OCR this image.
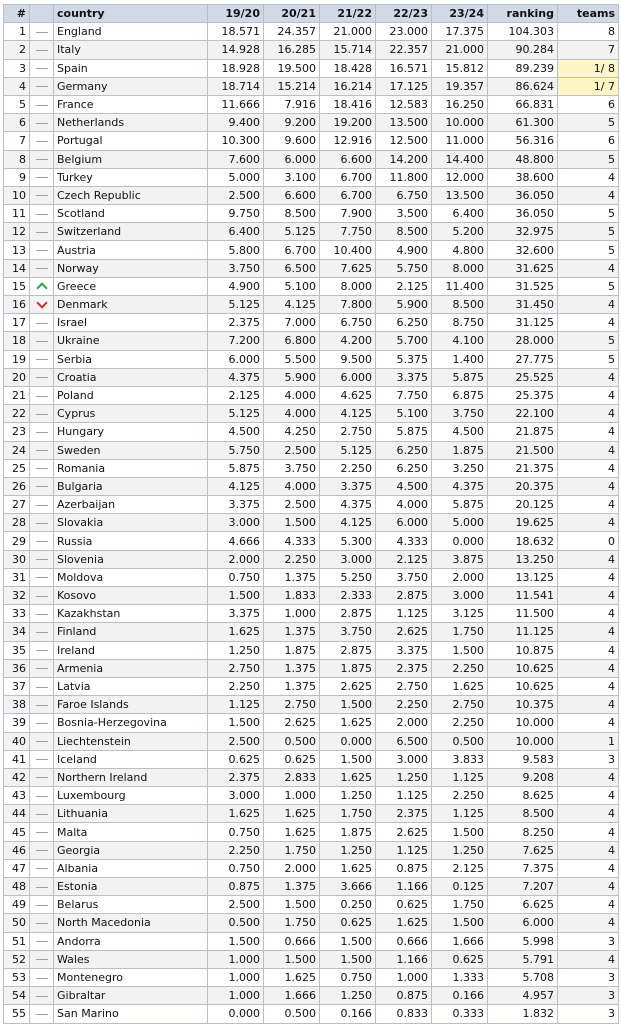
#		country	19/20	20/21	21/22	22/23	23/24	ranking	teams
1		England	18.571	24.357	21.000	23.000	17.375	104.303	8
2		Italy	14.928	16.285	15.714	22.357	21.000	90.284	7
3		Spain	18.928	19.500	18.428	16.571	15.812	89.239	1/ 8
4		Germany	18.714	15.214	16.214	17.125	19.357	86.624	1/ 7
5		France	11.666	7.916	18.416	12.583	16.250	66.831	6
6		Netherlands	9.400	9.200	19.200	13.500	10.000	61.300	5
7		Portugal	10.300	9.600	12.916	12.500	11.000	56.316	6
8		Belgium	7.600	6.000	6.600	14.200	14.400	48.800	5
9		Turkey	5.000	3.100	6.700	11.800	12.000	38.600	4
10		Czech Republic	2.500	6.600	6.700	6.750	13.500	36.050	4
11		Scotland	9.750	8.500	7.900	3.500	6.400	36.050	5
12		Switzerland	6.400	5.125	7.750	8.500	5.200	32.975	5
13		Austria	5.800	6.700	10.400	4.900	4.800	32.600	5
14		Norway	3.750	6.500	7.625	5.750	8.000	31.625	4
15		Greece	4.900	5.100	8.000	2.125	11.400	31.525	5
16		Denmark	5.125	4.125	7.800	5.900	8.500	31.450	4
17		Israel	2.375	7.000	6.750	6.250	8.750	31.125	4
18		Ukraine	7.200	6.800	4.200	5.700	4.100	28.000	5
19		Serbia	6.000	5.500	9.500	5.375	1.400	27.775	5
20		Croatia	4.375	5.900	6.000	3.375	5.875	25.525	4
21		Poland	2.125	4.000	4.625	7.750	6.875	25.375	4
22		Cyprus	5.125	4.000	4.125	5.100	3.750	22.100	4
23		Hungary	4.500	4.250	2.750	5.875	4.500	21.875	4
24		Sweden	5.750	2.500	5.125	6.250	1.875	21.500	4
25		Romania	5.875	3.750	2.250	6.250	3.250	21.375	4
26		Bulgaria	4.125	4.000	3.375	4.500	4.375	20.375	4
27		Azerbaijan	3.375	2.500	4.375	4.000	5.875	20.125	4
28		Slovakia	3.000	1.500	4.125	6.000	5.000	19.625	4
29		Russia	4.666	4.333	5.300	4.333	0.000	18.632	0
30		Slovenia	2.000	2.250	3.000	2.125	3.875	13.250	4
31		Moldova	0.750	1.375	5.250	3.750	2.000	13.125	4
32		Kosovo	1.500	1.833	2.333	2.875	3.000	11.541	4
33		Kazakhstan	3.375	1.000	2.875	1.125	3.125	11.500	4
34		Finland	1.625	1.375	3.750	2.625	1.750	11.125	4
35		Ireland	1.250	1.875	2.875	3.375	1.500	10.875	4
36		Armenia	2.750	1.375	1.875	2.375	2.250	10.625	4
37		Latvia	2.250	1.375	2.625	2.750	1.625	10.625	4
38		Faroe Islands	1.125	2.750	1.500	2.250	2.750	10.375	4
39		Bosnia-Herzegovina	1.500	2.625	1.625	2.000	2.250	10.000	4
40		Liechtenstein	2.500	0.500	0.000	6.500	0.500	10.000	1
41		Iceland	0.625	0.625	1.500	3.000	3.833	9.583	3
42		Northern Ireland	2.375	2.833	1.625	1.250	1.125	9.208	4
43		Luxembourg	3.000	1.000	1.250	1.125	2.250	8.625	4
44		Lithuania	1.625	1.625	1.750	2.375	1.125	8.500	4
45		Malta	0.750	1.625	1.875	2.625	1.500	8.250	4
46		Georgia	2.250	1.750	1.250	1.125	1.250	7.625	4
47		Albania	0.750	2.000	1.625	0.875	2.125	7.375	4
48		Estonia	0.875	1.375	3.666	1.166	0.125	7.207	4
49		Belarus	2.500	1.500	0.250	0.625	1.750	6.625	4
50		North Macedonia	0.500	1.750	0.625	1.625	1.500	6.000	4
51		Andorra	1.500	0.666	1.500	0.666	1.666	5.998	3
52		Wales	1.000	1.500	1.500	1.166	0.625	5.791	4
53		Montenegro	1.000	1.625	0.750	1.000	1.333	5.708	3
54		Gibraltar	1.000	1.666	1.250	0.875	0.166	4.957	3
55		San Marino	0.000	0.500	0.166	0.833	0.333	1.832	3
